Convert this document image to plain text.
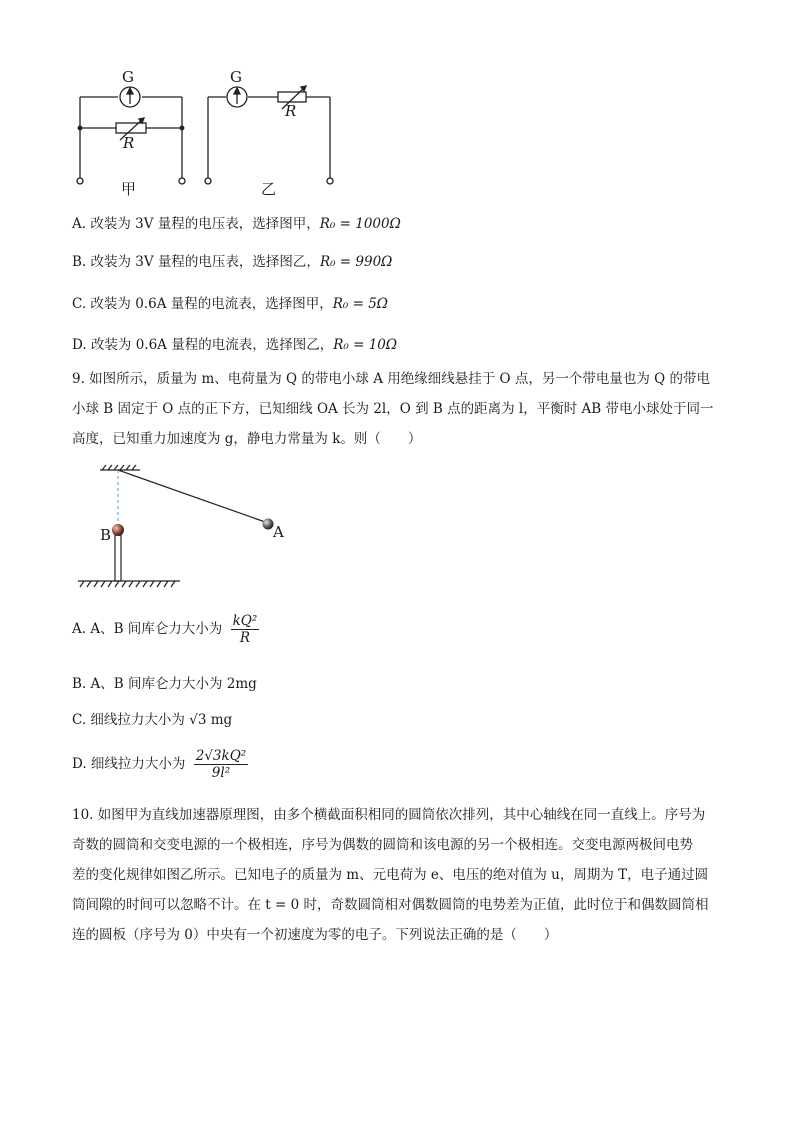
G
R
甲
G
R
乙
A. 改装为 3V 量程的电压表，选择图甲，R₀ = 1000Ω
B. 改装为 3V 量程的电压表，选择图乙，R₀ = 990Ω
C. 改装为 0.6A 量程的电流表，选择图甲，R₀ = 5Ω
D. 改装为 0.6A 量程的电流表，选择图乙，R₀ = 10Ω

9. 如图所示，质量为 m、电荷量为 Q 的带电小球 A 用绝缘细线悬挂于 O 点，另一个带电量也为 Q 的带电

小球 B 固定于 O 点的正下方，已知细线 OA 长为 2l，O 到 B 点的距离为 l，平衡时 AB 带电小球处于同一

高度，已知重力加速度为 g，静电力常量为 k。则（　　）

A
B
A. A、B 间库仑力大小为 $\frac{\text{kQ²}}{R}$
B. A、B 间库仑力大小为 2mg
C. 细线拉力大小为 √3 mg
D. 细线拉力大小为 $\frac{\text{2√3kQ²}}{\text{9l²}}$

10. 如图甲为直线加速器原理图，由多个横截面积相同的圆筒依次排列，其中心轴线在同一直线上。序号为

奇数的圆筒和交变电源的一个极相连，序号为偶数的圆筒和该电源的另一个极相连。交变电源两极间电势

差的变化规律如图乙所示。已知电子的质量为 m、元电荷为 e、电压的绝对值为 u，周期为 T，电子通过圆

筒间隙的时间可以忽略不计。在 t = 0 时，奇数圆筒相对偶数圆筒的电势差为正值，此时位于和偶数圆筒相

连的圆板（序号为 0）中央有一个初速度为零的电子。下列说法正确的是（　　）
